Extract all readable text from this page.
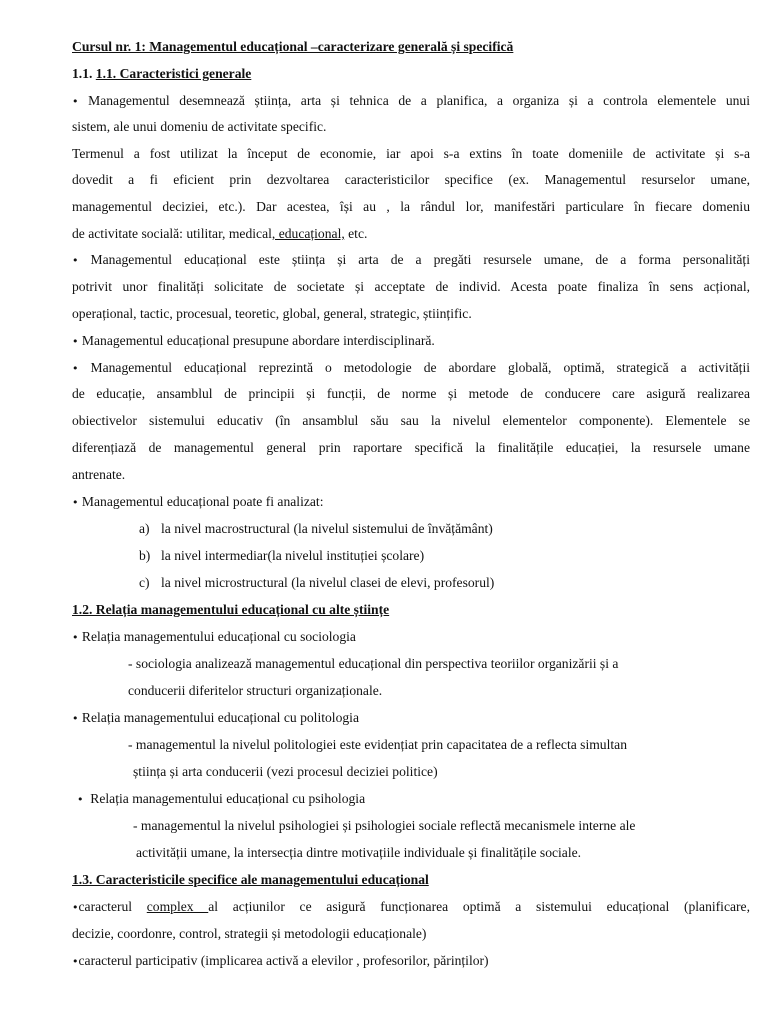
Cursul nr. 1: Managementul educațional –caracterizare generală și specifică
1.1. 1.1. Caracteristici generale
• Managementul desemnează știința, arta și tehnica de a planifica, a organiza și a controla elementele unui
sistem, ale unui domeniu de activitate specific.
Termenul a fost utilizat la început de economie, iar apoi s-a extins în toate domeniile de activitate și s-a
dovedit a fi eficient prin dezvoltarea caracteristicilor specifice (ex. Managementul resurselor umane,
managementul deciziei, etc.). Dar acestea, își au , la rândul lor, manifestări particulare în fiecare domeniu
de activitate socială: utilitar, medical, educațional, etc.
• Managementul educațional este știința și arta de a pregăti resursele umane, de a forma personalități
potrivit unor finalități solicitate de societate și acceptate de individ. Acesta poate finaliza în sens acțional,
operațional, tactic, procesual, teoretic, global, general, strategic, științific.
• Managementul educațional presupune abordare interdisciplinară.
• Managementul educațional reprezintă o metodologie de abordare globală, optimă, strategică a activității
de educație, ansamblul de principii și funcții, de norme și metode de conducere care asigură realizarea
obiectivelor sistemului educativ (în ansamblul său sau la nivelul elementelor componente). Elementele se
diferențiază de managementul general prin raportare specifică la finalitățile educației, la resursele umane
antrenate.
• Managementul educațional poate fi analizat:
a) la nivel macrostructural (la nivelul sistemului de învățământ)
b) la nivel intermediar(la nivelul instituției școlare)
c) la nivel microstructural (la nivelul clasei de elevi, profesorul)
1.2. Relația managementului educațional cu alte științe
• Relația managementului educațional cu sociologia
- sociologia analizează managementul educațional din perspectiva teoriilor organizării și a
conducerii diferitelor structuri organizaționale.
• Relația managementului educațional cu politologia
- managementul la nivelul politologiei este evidențiat prin capacitatea de a reflecta simultan
știința și arta conducerii (vezi procesul deciziei politice)
• Relația managementului educațional cu psihologia
- managementul la nivelul psihologiei și psihologiei sociale reflectă mecanismele interne ale
activității umane, la intersecția dintre motivațiile individuale și finalitățile sociale.
1.3. Caracteristicile specifice ale managementului educațional
•caracterul complex al acțiunilor ce asigură funcționarea optimă a sistemului educațional (planificare,
decizie, coordonre, control, strategii și metodologii educaționale)
•caracterul participativ (implicarea activă a elevilor , profesorilor, părinților)
